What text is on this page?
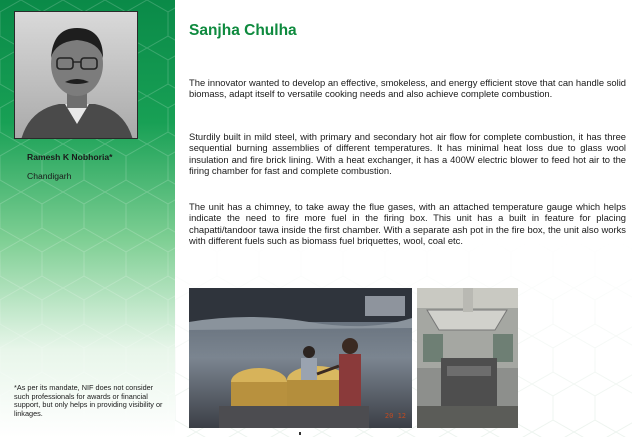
Ramesh K Nobhoria*
Chandigarh
*As per its mandate, NIF does not consider such professionals for awards or financial support, but only helps in providing visibility or linkages.
Sanjha Chulha

The innovator wanted to develop an effective, smokeless, and energy efficient stove that can handle solid biomass, adapt itself to versatile cooking needs and also achieve complete combustion.

Sturdily built in mild steel, with primary and secondary hot air flow for complete combustion, it has three sequential burning assemblies of different temperatures. It has minimal heat loss due to glass wool insulation and fire brick lining. With a heat exchanger, it has a 400W electric blower to feed hot air to the firing chamber for fast and complete combustion.

The unit has a chimney, to take away the flue gases, with an attached temperature gauge which helps indicate the need to fire more fuel in the firing box. This unit has a built in feature for placing chapatti/tandoor tawa inside the first chamber. With a separate ash pot in the fire box, the unit also works with different fuels such as biomass fuel briquettes, wool, coal etc.

20 12
